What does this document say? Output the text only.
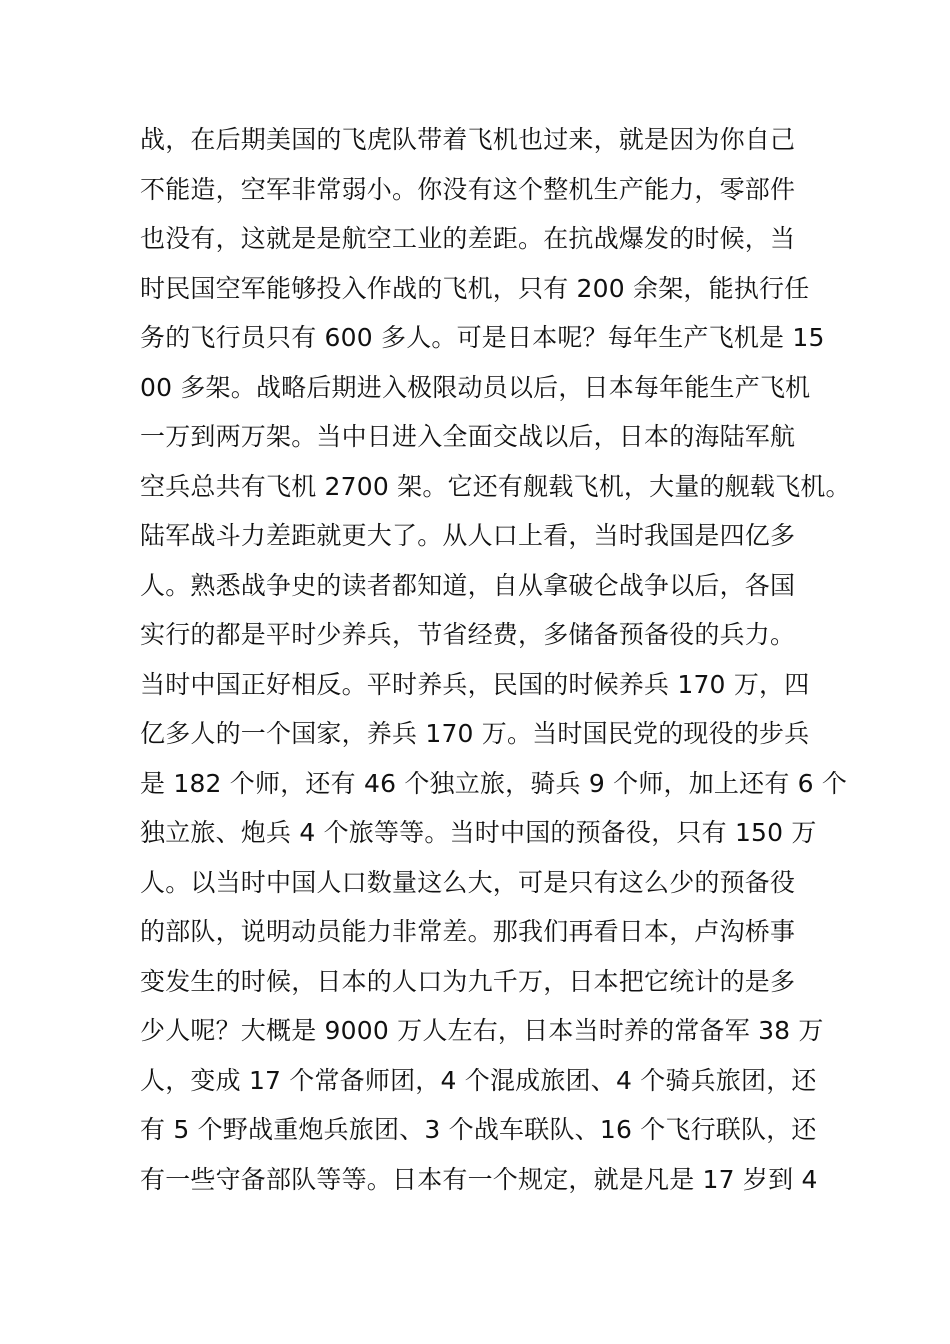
战，在后期美国的飞虎队带着飞机也过来，就是因为你自己
不能造，空军非常弱小。你没有这个整机生产能力，零部件
也没有，这就是是航空工业的差距。在抗战爆发的时候，当
时民国空军能够投入作战的飞机，只有 200 余架，能执行任
务的飞行员只有 600 多人。可是日本呢？每年生产飞机是 15
00 多架。战略后期进入极限动员以后，日本每年能生产飞机
一万到两万架。当中日进入全面交战以后，日本的海陆军航
空兵总共有飞机 2700 架。它还有舰载飞机，大量的舰载飞机。
陆军战斗力差距就更大了。从人口上看，当时我国是四亿多
人。熟悉战争史的读者都知道，自从拿破仑战争以后，各国
实行的都是平时少养兵，节省经费，多储备预备役的兵力。
当时中国正好相反。平时养兵，民国的时候养兵 170 万，四
亿多人的一个国家，养兵 170 万。当时国民党的现役的步兵
是 182 个师，还有 46 个独立旅，骑兵 9 个师，加上还有 6 个
独立旅、炮兵 4 个旅等等。当时中国的预备役，只有 150 万
人。以当时中国人口数量这么大，可是只有这么少的预备役
的部队，说明动员能力非常差。那我们再看日本，卢沟桥事
变发生的时候，日本的人口为九千万，日本把它统计的是多
少人呢？大概是 9000 万人左右，日本当时养的常备军 38 万
人，变成 17 个常备师团，4 个混成旅团、4 个骑兵旅团，还
有 5 个野战重炮兵旅团、3 个战车联队、16 个飞行联队，还
有一些守备部队等等。日本有一个规定，就是凡是 17 岁到 4
